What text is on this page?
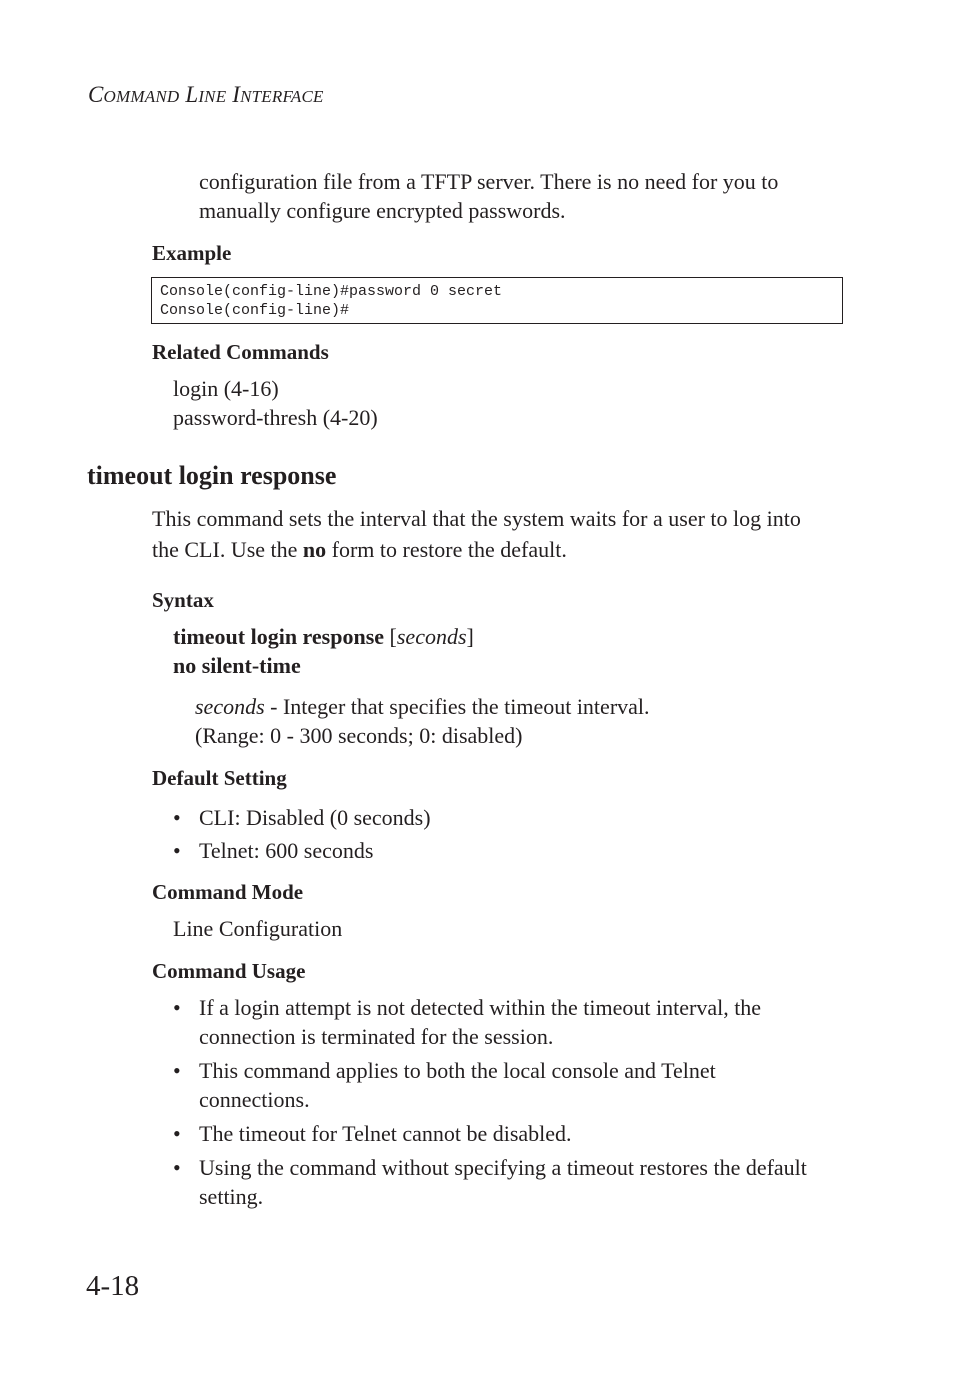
COMMAND LINE INTERFACE
configuration file from a TFTP server. There is no need for you to
manually configure encrypted passwords.
Example
Console(config-line)#password 0 secret
Console(config-line)#
Related Commands
login (4-16)
password-thresh (4-20)
timeout login response
This command sets the interval that the system waits for a user to log into
the CLI. Use the no form to restore the default.
Syntax
timeout login response [seconds]
no silent-time
seconds - Integer that specifies the timeout interval.
(Range: 0 - 300 seconds; 0: disabled)
Default Setting
• CLI: Disabled (0 seconds)
• Telnet: 600 seconds
Command Mode
Line Configuration
Command Usage
• If a login attempt is not detected within the timeout interval, the
connection is terminated for the session.
• This command applies to both the local console and Telnet
connections.
• The timeout for Telnet cannot be disabled.
• Using the command without specifying a timeout restores the default
setting.
4-18
